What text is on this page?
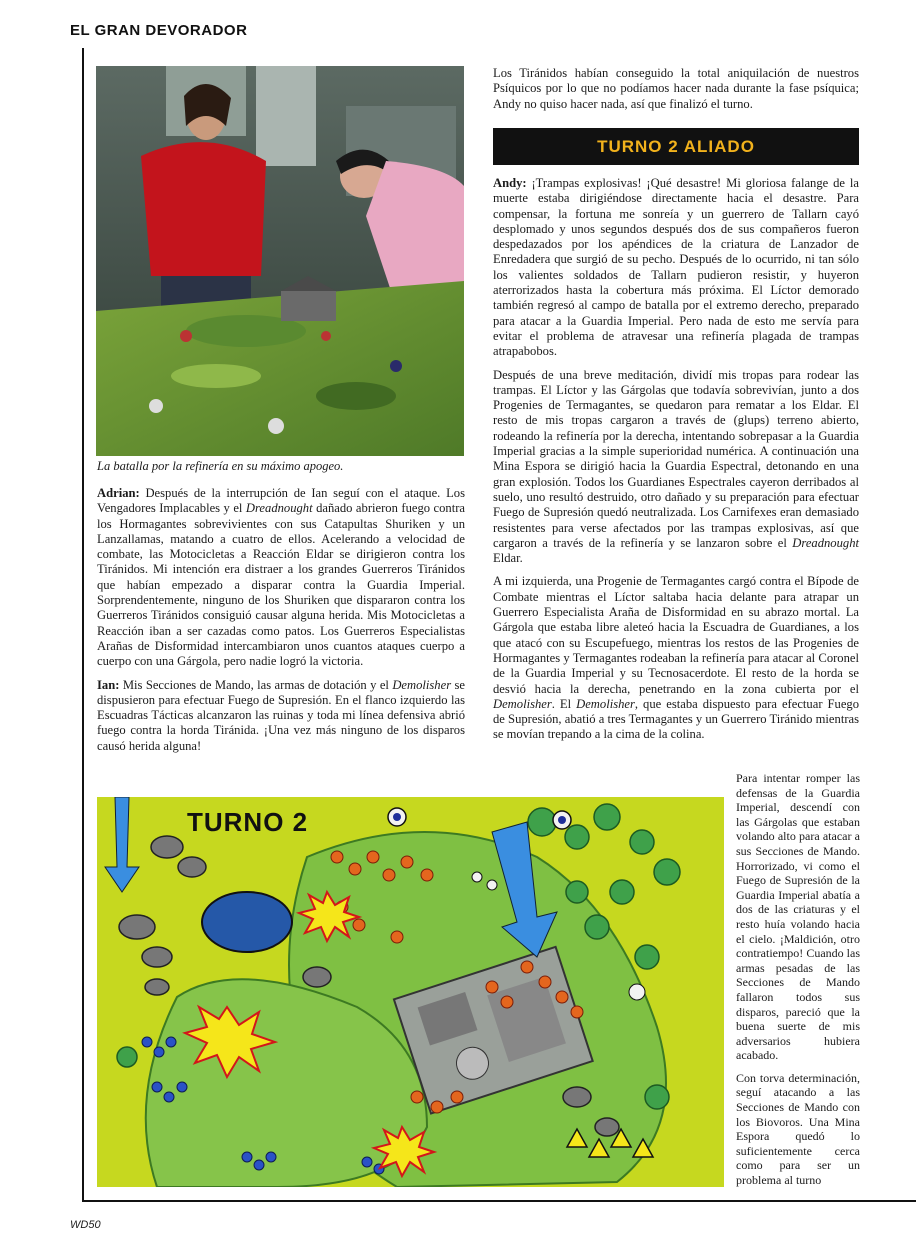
EL GRAN DEVORADOR
La batalla por la refinería en su máximo apogeo.

Adrian: Después de la interrupción de Ian seguí con el ataque. Los Vengadores Implacables y el Dreadnought dañado abrieron fuego contra los Hormagantes sobrevivientes con sus Catapultas Shuriken y un Lanzallamas, matando a cuatro de ellos. Acelerando a velocidad de combate, las Motocicletas a Reacción Eldar se dirigieron contra los Tiránidos. Mi intención era distraer a los grandes Guerreros Tiránidos que habían empezado a disparar contra la Guardia Imperial. Sorprendentemente, ninguno de los Shuriken que dispararon contra los Guerreros Tiránidos consiguió causar alguna herida. Mis Motocicletas a Reacción iban a ser cazadas como patos. Los Guerreros Especialistas Arañas de Disformidad intercambiaron unos cuantos ataques cuerpo a cuerpo con una Gárgola, pero nadie logró la victoria.

Ian: Mis Secciones de Mando, las armas de dotación y el Demolisher se dispusieron para efectuar Fuego de Supresión. En el flanco izquierdo las Escuadras Tácticas alcanzaron las ruinas y toda mi línea defensiva abrió fuego contra la horda Tiránida. ¡Una vez más ninguno de los disparos causó herida alguna!

Los Tiránidos habían conseguido la total aniquilación de nuestros Psíquicos por lo que no podíamos hacer nada durante la fase psíquica; Andy no quiso hacer nada, así que finalizó el turno.

TURNO 2 ALIADO

Andy: ¡Trampas explosivas! ¡Qué desastre! Mi gloriosa falange de la muerte estaba dirigiéndose directamente hacia el desastre. Para compensar, la fortuna me sonreía y un guerrero de Tallarn cayó desplomado y unos segundos después dos de sus compañeros fueron despedazados por los apéndices de la criatura de Lanzador de Enredadera que surgió de su pecho. Después de lo ocurrido, ni tan sólo los valientes soldados de Tallarn pudieron resistir, y huyeron aterrorizados hasta la cobertura más próxima. El Líctor demorado también regresó al campo de batalla por el extremo derecho, preparado para atacar a la Guardia Imperial. Pero nada de esto me servía para evitar el problema de atravesar una refinería plagada de trampas atrapabobos.

Después de una breve meditación, dividí mis tropas para rodear las trampas. El Líctor y las Gárgolas que todavía sobrevivían, junto a dos Progenies de Termagantes, se quedaron para rematar a los Eldar. El resto de mis tropas cargaron a través de (glups) terreno abierto, rodeando la refinería por la derecha, intentando sobrepasar a la Guardia Imperial gracias a la simple superioridad numérica. A continuación una Mina Espora se dirigió hacia la Guardia Espectral, detonando en una gran explosión. Todos los Guardianes Espectrales cayeron derribados al suelo, uno resultó destruido, otro dañado y su preparación para efectuar Fuego de Supresión quedó neutralizada. Los Carnifexes eran demasiado resistentes para verse afectados por las trampas explosivas, así que cargaron a través de la refinería y se lanzaron sobre el Dreadnought Eldar.

A mi izquierda, una Progenie de Termagantes cargó contra el Bípode de Combate mientras el Líctor saltaba hacia delante para atrapar un Guerrero Especialista Araña de Disformidad en su abrazo mortal. La Gárgola que estaba libre aleteó hacia la Escuadra de Guardianes, a los que atacó con su Escupefuego, mientras los restos de las Progenies de Hormagantes y Termagantes rodeaban la refinería para atacar al Coronel de la Guardia Imperial y su Tecnosacerdote. El resto de la horda se desvió hacia la derecha, penetrando en la zona cubierta por el Demolisher. El Demolisher, que estaba dispuesto para efectuar Fuego de Supresión, abatió a tres Termagantes y un Guerrero Tiránido mientras se movían trepando a la cima de la colina.

Para intentar romper las defensas de la Guardia Imperial, descendí con las Gárgolas que estaban volando alto para atacar a sus Secciones de Mando. Horrorizado, vi como el Fuego de Supresión de la Guardia Imperial abatía a dos de las criaturas y el resto huía volando hacia el cielo. ¡Maldición, otro contratiempo! Cuando las armas pesadas de las Secciones de Mando fallaron todos sus disparos, pareció que la buena suerte de mis adversarios hubiera acabado.

Con torva determinación, seguí atacando a las Secciones de Mando con los Biovoros. Una Mina Espora quedó lo suficientemente cerca como para ser un problema al turno

TURNO 2
WD50
